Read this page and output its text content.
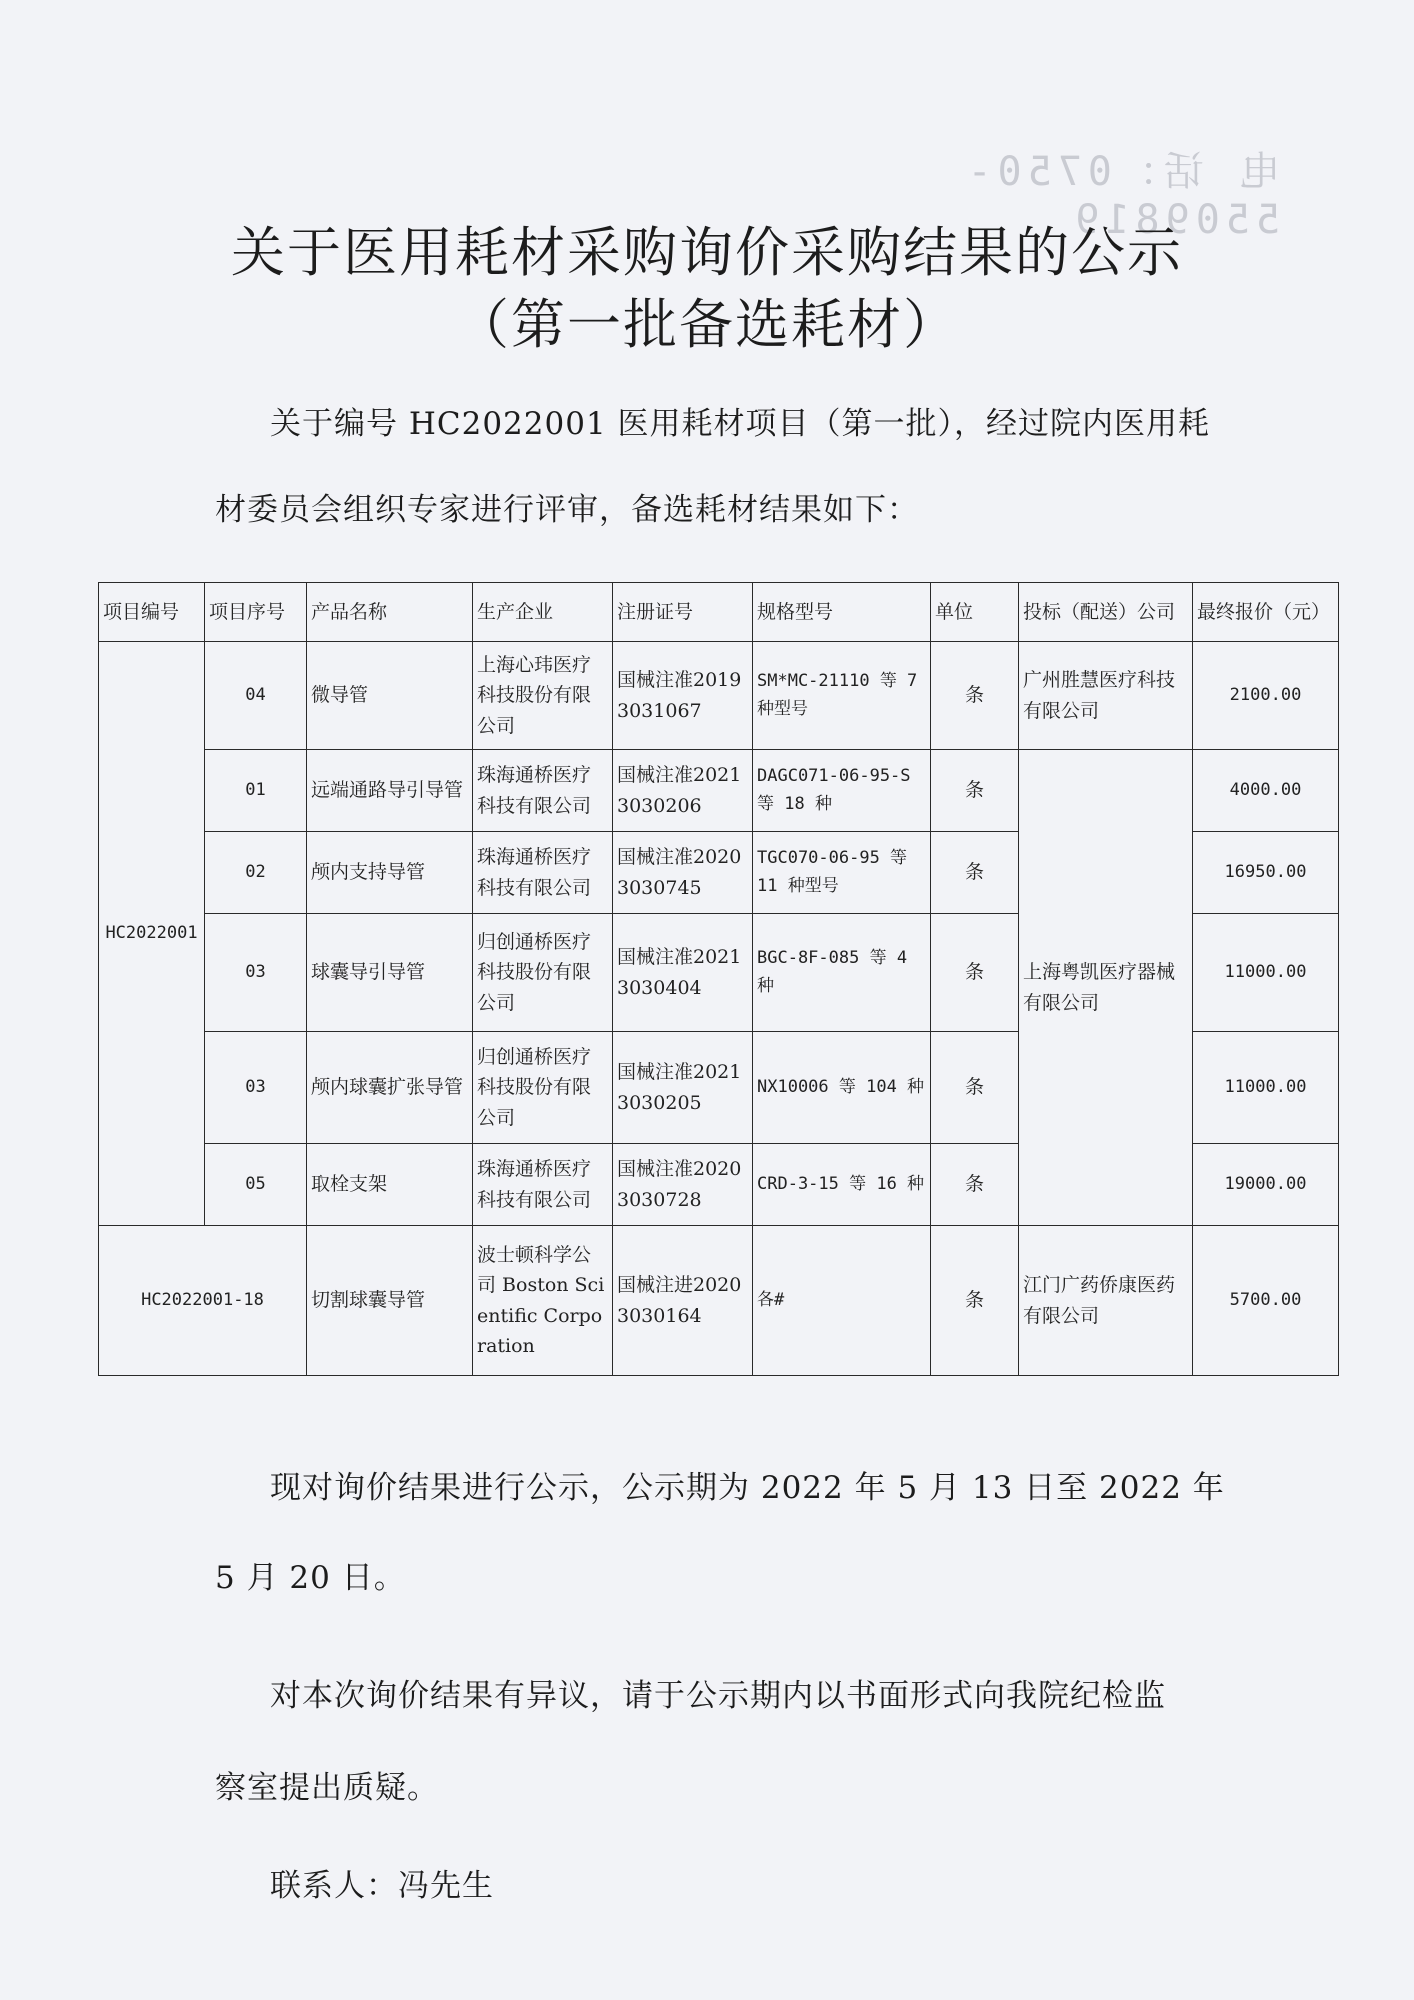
电 话：0750-5509819
关于医用耗材采购询价采购结果的公示
（第一批备选耗材）

关于编号 HC2022001 医用耗材项目（第一批），经过院内医用耗

材委员会组织专家进行评审，备选耗材结果如下：

项目编号	项目序号	产品名称	生产企业	注册证号	规格型号	单位	投标（配送）公司	最终报价（元）
HC2022001	04	微导管	上海心玮医疗科技股份有限公司	国械注准20193031067	SM*MC-21110 等 7 种型号	条	广州胜慧医疗科技有限公司	2100.00
	01	远端通路导引导管	珠海通桥医疗科技有限公司	国械注准20213030206	DAGC071-06-95-S 等 18 种	条	上海粤凯医疗器械有限公司	4000.00
	02	颅内支持导管	珠海通桥医疗科技有限公司	国械注准20203030745	TGC070-06-95 等 11 种型号	条		16950.00
	03	球囊导引导管	归创通桥医疗科技股份有限公司	国械注准20213030404	BGC-8F-085 等 4 种	条		11000.00
	03	颅内球囊扩张导管	归创通桥医疗科技股份有限公司	国械注准20213030205	NX10006 等 104 种	条		11000.00
	05	取栓支架	珠海通桥医疗科技有限公司	国械注准20203030728	CRD-3-15 等 16 种	条		19000.00
HC2022001-18		切割球囊导管	波士顿科学公司 Boston Scientific Corporation	国械注进20203030164	各#	条	江门广药侨康医药有限公司	5700.00

现对询价结果进行公示，公示期为 2022 年 5 月 13 日至 2022 年

5 月 20 日。

对本次询价结果有异议，请于公示期内以书面形式向我院纪检监

察室提出质疑。

联系人：冯先生
